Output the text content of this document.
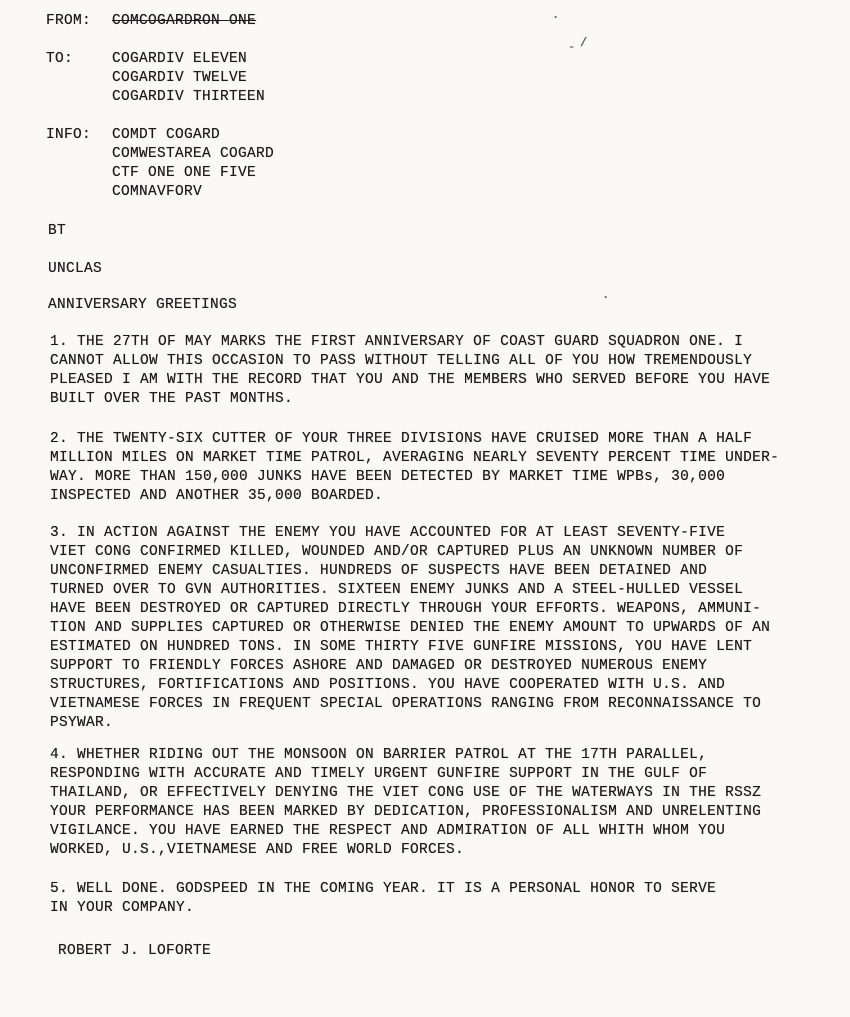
FROM: COMCOGARDRON ONE
TO:	COGARDIV ELEVEN
COGARDIV TWELVE
COGARDIV THIRTEEN
INFO:	COMDT COGARD
COMWESTAREA COGARD
CTF ONE ONE FIVE
COMNAVFORV
BT
UNCLAS
ANNIVERSARY GREETINGS
1. THE 27TH OF MAY MARKS THE FIRST ANNIVERSARY OF COAST GUARD SQUADRON ONE. I
CANNOT ALLOW THIS OCCASION TO PASS WITHOUT TELLING ALL OF YOU HOW TREMENDOUSLY
PLEASED I AM WITH THE RECORD THAT YOU AND THE MEMBERS WHO SERVED BEFORE YOU HAVE
BUILT OVER THE PAST MONTHS.
2. THE TWENTY-SIX CUTTER OF YOUR THREE DIVISIONS HAVE CRUISED MORE THAN A HALF
MILLION MILES ON MARKET TIME PATROL, AVERAGING NEARLY SEVENTY PERCENT TIME UNDER-
WAY. MORE THAN 150,000 JUNKS HAVE BEEN DETECTED BY MARKET TIME WPBs, 30,000
INSPECTED AND ANOTHER 35,000 BOARDED.
3. IN ACTION AGAINST THE ENEMY YOU HAVE ACCOUNTED FOR AT LEAST SEVENTY-FIVE
VIET CONG CONFIRMED KILLED, WOUNDED AND/OR CAPTURED PLUS AN UNKNOWN NUMBER OF
UNCONFIRMED ENEMY CASUALTIES. HUNDREDS OF SUSPECTS HAVE BEEN DETAINED AND
TURNED OVER TO GVN AUTHORITIES. SIXTEEN ENEMY JUNKS AND A STEEL-HULLED VESSEL
HAVE BEEN DESTROYED OR CAPTURED DIRECTLY THROUGH YOUR EFFORTS. WEAPONS, AMMUNI-
TION AND SUPPLIES CAPTURED OR OTHERWISE DENIED THE ENEMY AMOUNT TO UPWARDS OF AN
ESTIMATED ON HUNDRED TONS. IN SOME THIRTY FIVE GUNFIRE MISSIONS, YOU HAVE LENT
SUPPORT TO FRIENDLY FORCES ASHORE AND DAMAGED OR DESTROYED NUMEROUS ENEMY
STRUCTURES, FORTIFICATIONS AND POSITIONS. YOU HAVE COOPERATED WITH U.S. AND
VIETNAMESE FORCES IN FREQUENT SPECIAL OPERATIONS RANGING FROM RECONNAISSANCE TO
PSYWAR.
4. WHETHER RIDING OUT THE MONSOON ON BARRIER PATROL AT THE 17TH PARALLEL,
RESPONDING WITH ACCURATE AND TIMELY URGENT GUNFIRE SUPPORT IN THE GULF OF
THAILAND, OR EFFECTIVELY DENYING THE VIET CONG USE OF THE WATERWAYS IN THE RSSZ
YOUR PERFORMANCE HAS BEEN MARKED BY DEDICATION, PROFESSIONALISM AND UNRELENTING
VIGILANCE. YOU HAVE EARNED THE RESPECT AND ADMIRATION OF ALL WHITH WHOM YOU
WORKED, U.S.,VIETNAMESE AND FREE WORLD FORCES.
5. WELL DONE. GODSPEED IN THE COMING YEAR. IT IS A PERSONAL HONOR TO SERVE
IN YOUR COMPANY.
ROBERT J. LOFORTE
- /
.
.
